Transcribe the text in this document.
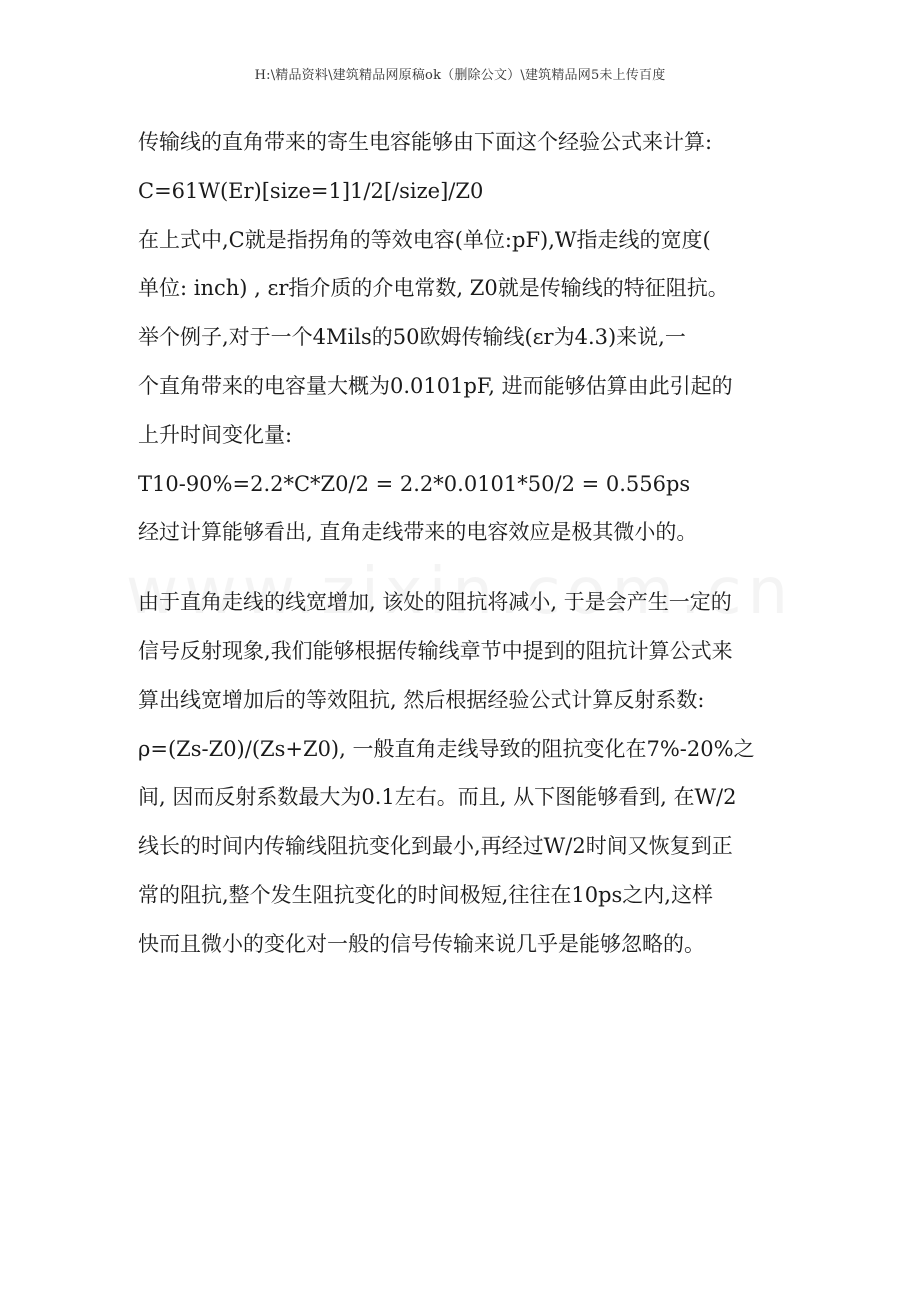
H:\精品资料\建筑精品网原稿ok（删除公文）\建筑精品网5未上传百度
传输线的直角带来的寄生电容能够由下面这个经验公式来计算:
C=61W(Er)[size=1]1/2[/size]/Z0
在上式中,C就是指拐角的等效电容(单位:pF),W指走线的宽度(
单位: inch) , εr指介质的介电常数, Z0就是传输线的特征阻抗。
举个例子,对于一个4Mils的50欧姆传输线(εr为4.3)来说,一
个直角带来的电容量大概为0.0101pF, 进而能够估算由此引起的
上升时间变化量:
T10-90%=2.2*C*Z0/2 = 2.2*0.0101*50/2 = 0.556ps
经过计算能够看出, 直角走线带来的电容效应是极其微小的。
由于直角走线的线宽增加, 该处的阻抗将减小, 于是会产生一定的
信号反射现象,我们能够根据传输线章节中提到的阻抗计算公式来
算出线宽增加后的等效阻抗, 然后根据经验公式计算反射系数:
ρ=(Zs-Z0)/(Zs+Z0), 一般直角走线导致的阻抗变化在7%-20%之
间, 因而反射系数最大为0.1左右。而且, 从下图能够看到, 在W/2
线长的时间内传输线阻抗变化到最小,再经过W/2时间又恢复到正
常的阻抗,整个发生阻抗变化的时间极短,往往在10ps之内,这样
快而且微小的变化对一般的信号传输来说几乎是能够忽略的。
